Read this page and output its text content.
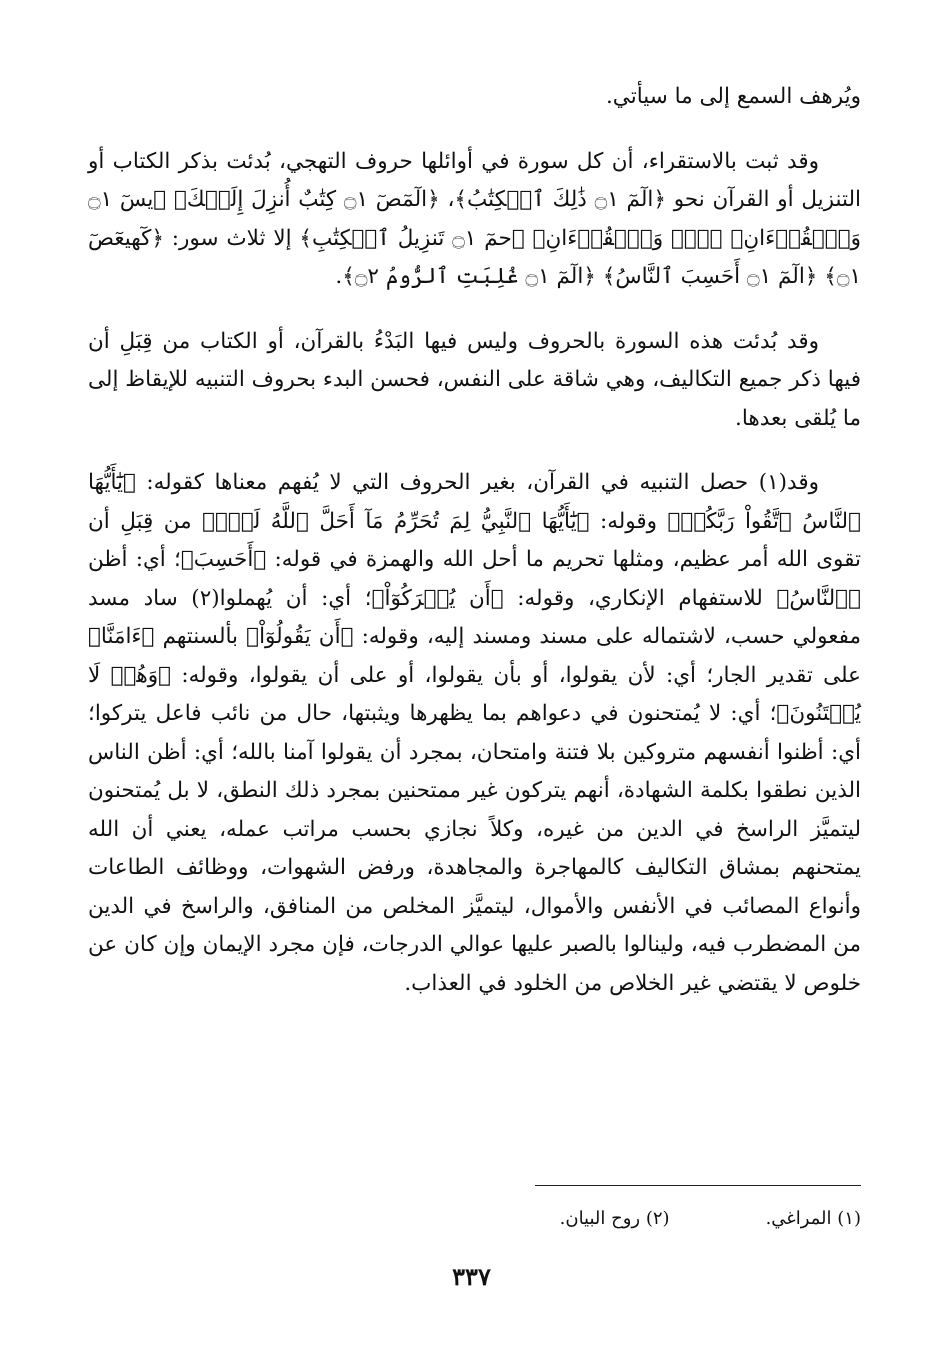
ويُرهف السمع إلى ما سيأتي.

وقد ثبت بالاستقراء، أن كل سورة في أوائلها حروف التهجي، بُدئت بذكر الكتاب أو التنزيل أو القرآن نحو ﴿الٓمٓ ۝١ ذَٰلِكَ ٱلۡكِتَٰبُ﴾، ﴿الٓمٓصٓ ۝١ كِتَٰبٌ أُنزِلَ إِلَيۡكَ﴾ ﴿يسٓ ۝١ وَٱلۡقُرۡءَانِ﴾ ﴿صٓۚ وَٱلۡقُرۡءَانِ﴾ ﴿حمٓ ۝١ تَنزِيلُ ٱلۡكِتَٰبِ﴾ إلا ثلاث سور: ﴿كٓهيعٓصٓ ۝١﴾ ﴿الٓمٓ ۝١ أَحَسِبَ ٱلنَّاسُ﴾ ﴿الٓمٓ ۝١ غُلِبَتِ ٱلرُّومُ ۝٢﴾.

وقد بُدئت هذه السورة بالحروف وليس فيها البَدْءُ بالقرآن، أو الكتاب من قِبَلِ أن فيها ذكر جميع التكاليف، وهي شاقة على النفس، فحسن البدء بحروف التنبيه للإيقاظ إلى ما يُلقى بعدها.

وقد(١) حصل التنبيه في القرآن، بغير الحروف التي لا يُفهم معناها كقوله: ﴿يَٰٓأَيُّهَا ٱلنَّاسُ ٱتَّقُواْ رَبَّكُمۡ﴾ وقوله: ﴿يَٰٓأَيُّهَا ٱلنَّبِيُّ لِمَ تُحَرِّمُ مَآ أَحَلَّ ٱللَّهُ لَكَۖ﴾ من قِبَلِ أن تقوى الله أمر عظيم، ومثلها تحريم ما أحل الله والهمزة في قوله: ﴿أَحَسِبَ﴾؛ أي: أظن ﴿ٱلنَّاسُ﴾ للاستفهام الإنكاري، وقوله: ﴿أَن يُتۡرَكُوٓاْ﴾؛ أي: أن يُهملوا(٢) ساد مسد مفعولي حسب، لاشتماله على مسند ومسند إليه، وقوله: ﴿أَن يَقُولُوٓاْ﴾ بألسنتهم ﴿ءَامَنَّا﴾ على تقدير الجار؛ أي: لأن يقولوا، أو بأن يقولوا، أو على أن يقولوا، وقوله: ﴿وَهُمۡ لَا يُفۡتَنُونَ﴾؛ أي: لا يُمتحنون في دعواهم بما يظهرها ويثبتها، حال من نائب فاعل يتركوا؛ أي: أظنوا أنفسهم متروكين بلا فتنة وامتحان، بمجرد أن يقولوا آمنا بالله؛ أي: أظن الناس الذين نطقوا بكلمة الشهادة، أنهم يتركون غير ممتحنين بمجرد ذلك النطق، لا بل يُمتحنون ليتميَّز الراسخ في الدين من غيره، وكلاً نجازي بحسب مراتب عمله، يعني أن الله يمتحنهم بمشاق التكاليف كالمهاجرة والمجاهدة، ورفض الشهوات، ووظائف الطاعات وأنواع المصائب في الأنفس والأموال، ليتميَّز المخلص من المنافق، والراسخ في الدين من المضطرب فيه، ولينالوا بالصبر عليها عوالي الدرجات، فإن مجرد الإيمان وإن كان عن خلوص لا يقتضي غير الخلاص من الخلود في العذاب.

(١) المراغي.
(٢) روح البيان.
٣٣٧
